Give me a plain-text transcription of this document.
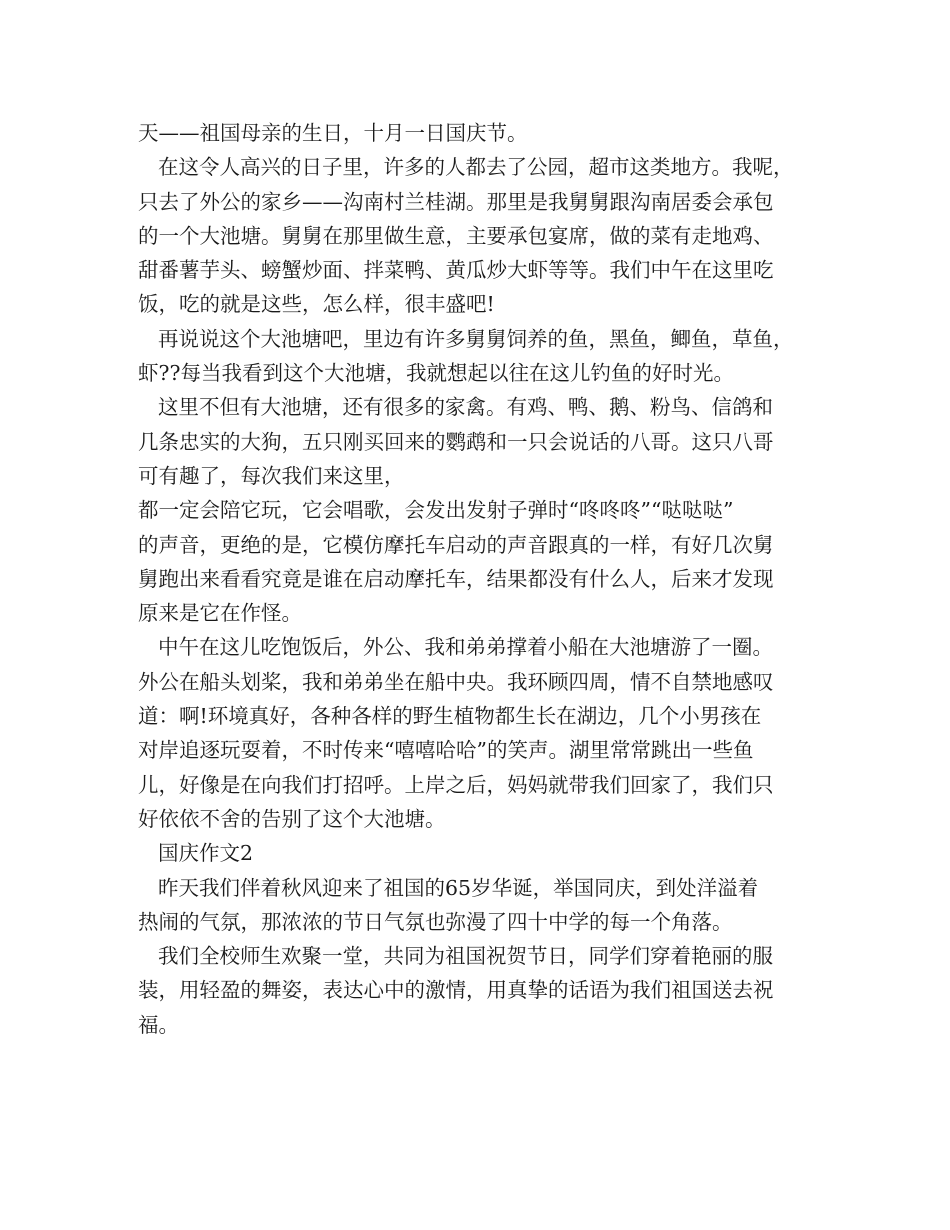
天——祖国母亲的生日，十月一日国庆节。
在这令人高兴的日子里，许多的人都去了公园，超市这类地方。我呢，
只去了外公的家乡——沟南村兰桂湖。那里是我舅舅跟沟南居委会承包
的一个大池塘。舅舅在那里做生意，主要承包宴席，做的菜有走地鸡、
甜番薯芋头、螃蟹炒面、拌菜鸭、黄瓜炒大虾等等。我们中午在这里吃
饭，吃的就是这些，怎么样，很丰盛吧!
再说说这个大池塘吧，里边有许多舅舅饲养的鱼，黑鱼，鲫鱼，草鱼，
虾??每当我看到这个大池塘，我就想起以往在这儿钓鱼的好时光。
这里不但有大池塘，还有很多的家禽。有鸡、鸭、鹅、粉鸟、信鸽和
几条忠实的大狗，五只刚买回来的鹦鹉和一只会说话的八哥。这只八哥
可有趣了，每次我们来这里，
都一定会陪它玩，它会唱歌，会发出发射子弹时“咚咚咚”“哒哒哒”
的声音，更绝的是，它模仿摩托车启动的声音跟真的一样，有好几次舅
舅跑出来看看究竟是谁在启动摩托车，结果都没有什么人，后来才发现
原来是它在作怪。
中午在这儿吃饱饭后，外公、我和弟弟撑着小船在大池塘游了一圈。
外公在船头划桨，我和弟弟坐在船中央。我环顾四周，情不自禁地感叹
道：啊!环境真好，各种各样的野生植物都生长在湖边，几个小男孩在
对岸追逐玩耍着，不时传来“嘻嘻哈哈”的笑声。湖里常常跳出一些鱼
儿，好像是在向我们打招呼。上岸之后，妈妈就带我们回家了，我们只
好依依不舍的告别了这个大池塘。
国庆作文2
昨天我们伴着秋风迎来了祖国的65岁华诞，举国同庆，到处洋溢着
热闹的气氛，那浓浓的节日气氛也弥漫了四十中学的每一个角落。
我们全校师生欢聚一堂，共同为祖国祝贺节日，同学们穿着艳丽的服
装，用轻盈的舞姿，表达心中的激情，用真挚的话语为我们祖国送去祝
福。
